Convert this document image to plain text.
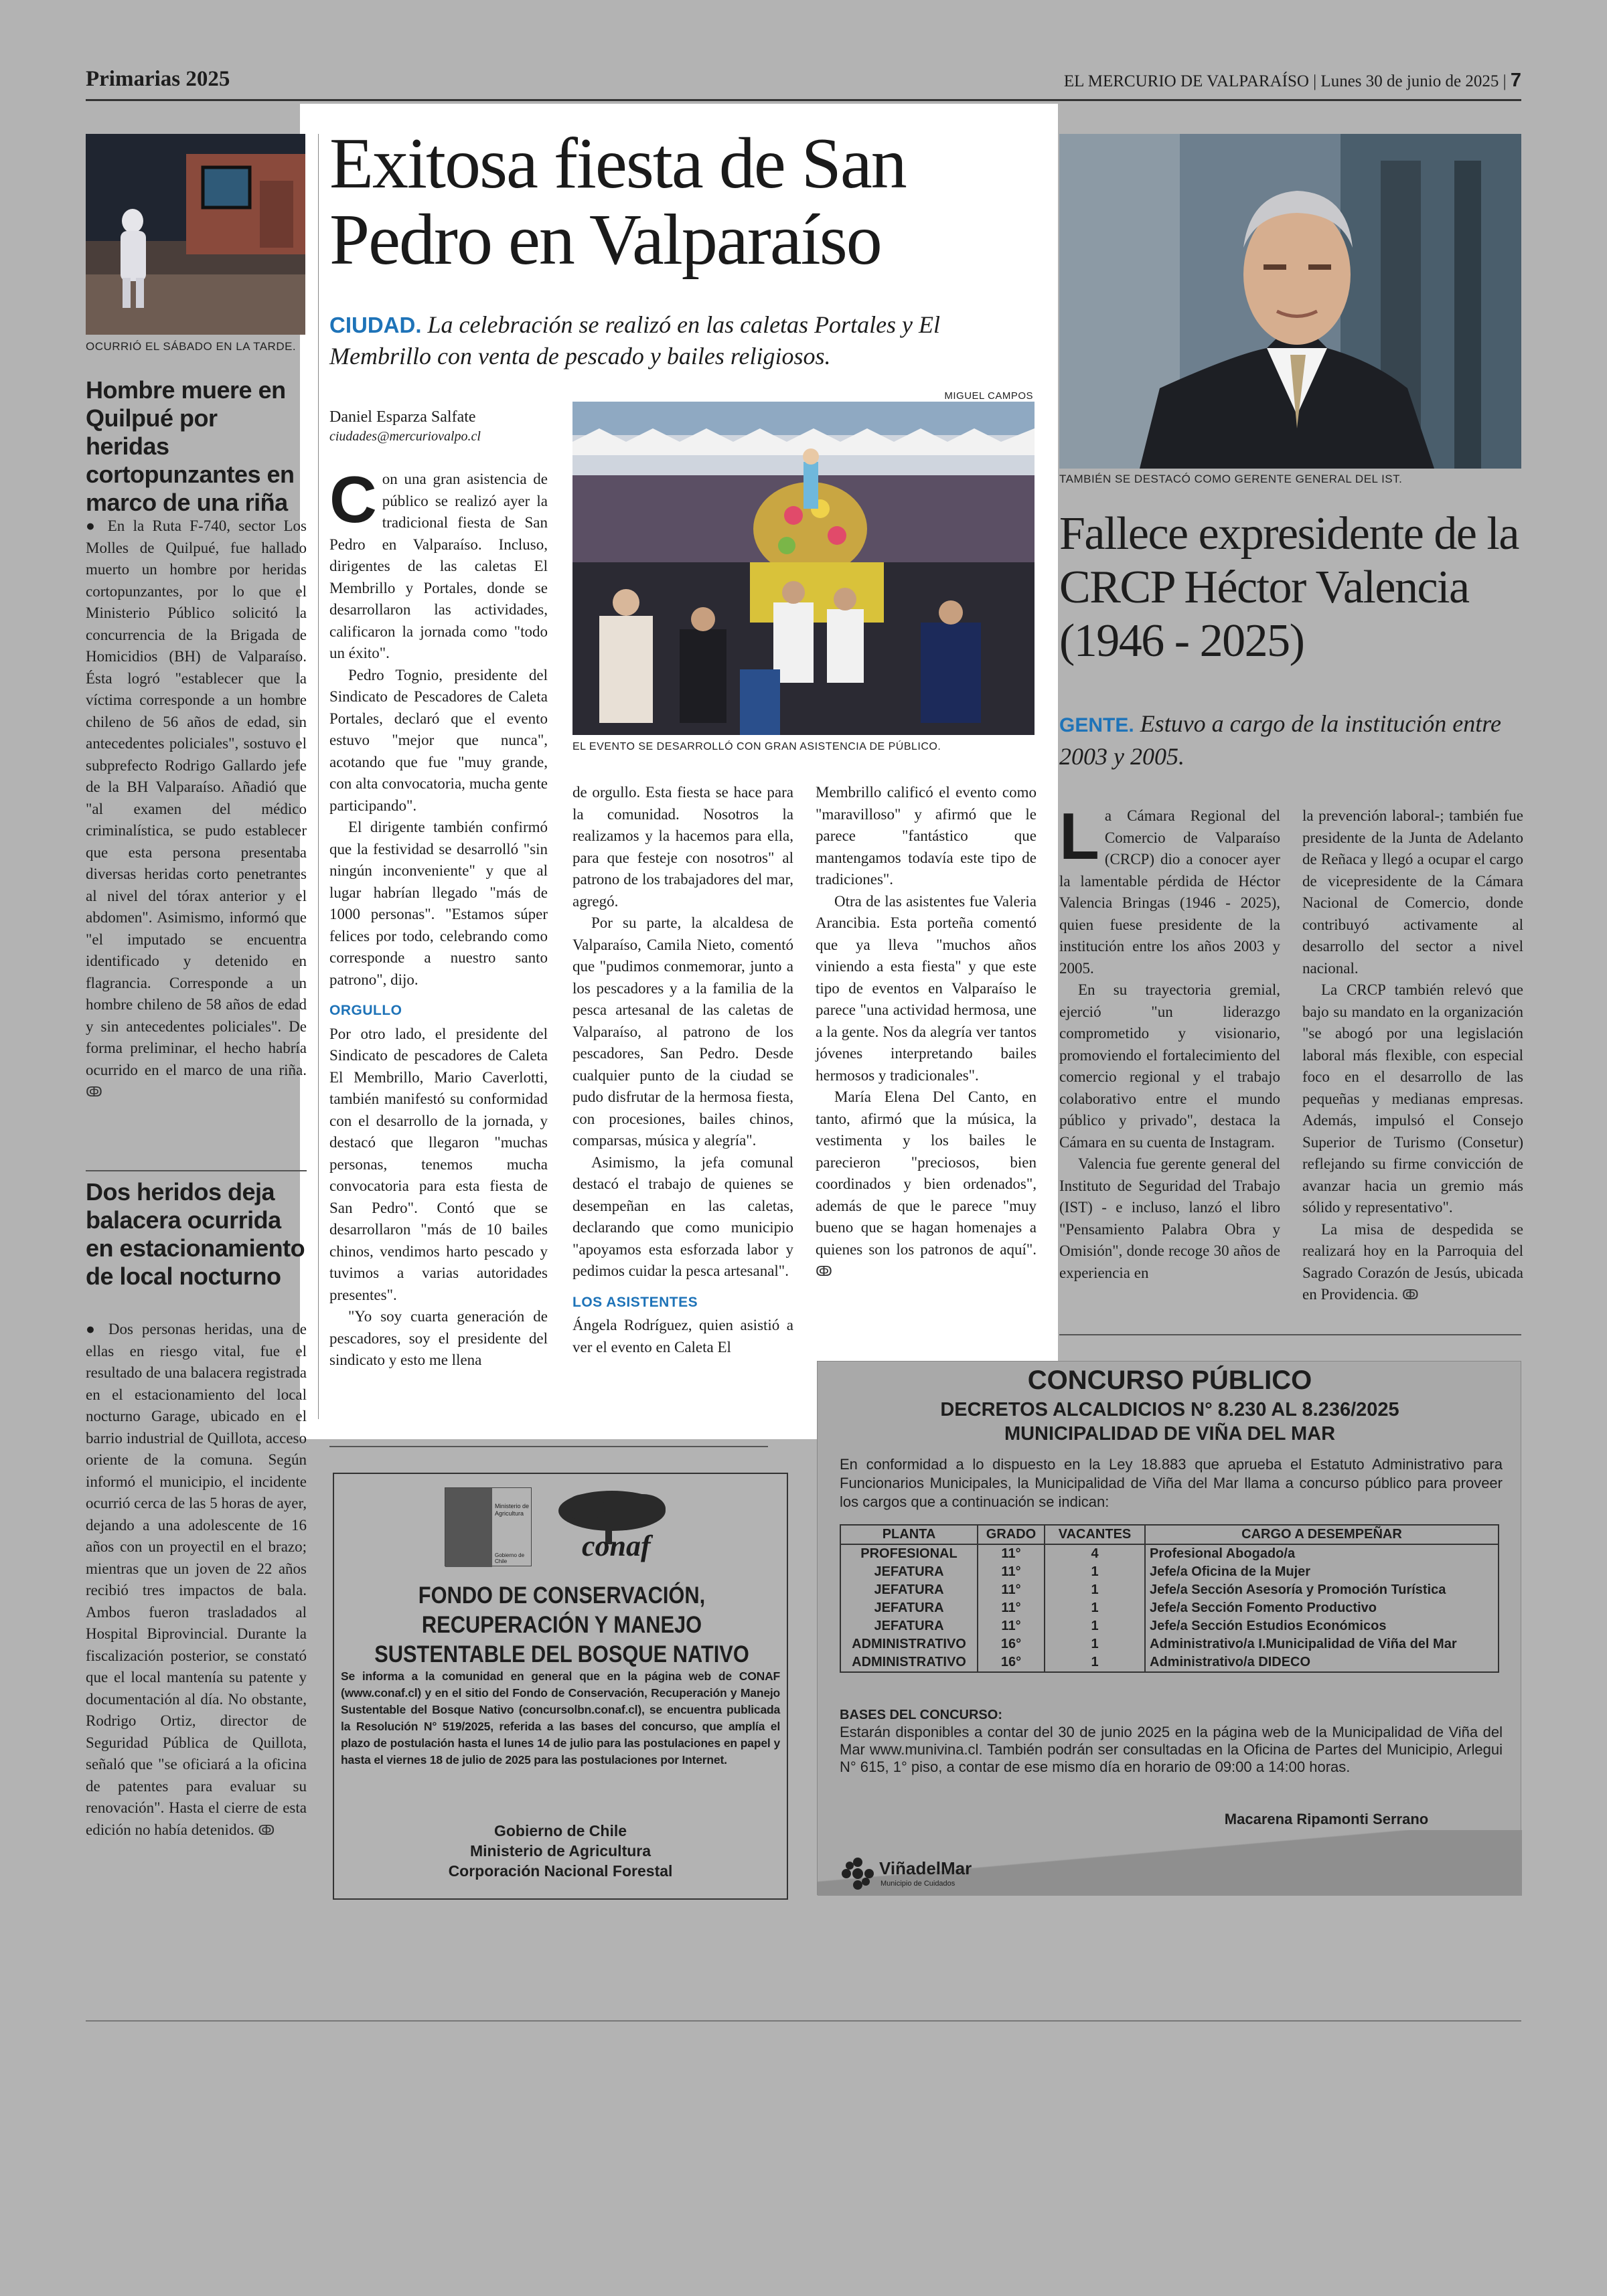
Primarias 2025	EL MERCURIO DE VALPARAÍSO | Lunes 30 de junio de 2025 | 7
OCURRIÓ EL SÁBADO EN LA TARDE.
Hombre muere en Quilpué por heridas cortopunzantes en marco de una riña

● En la Ruta F-740, sector Los Molles de Quilpué, fue hallado muerto un hombre por heridas cortopunzantes, por lo que el Ministerio Público solicitó la concurrencia de la Brigada de Homicidios (BH) de Valparaíso. Ésta logró "establecer que la víctima corresponde a un hombre chileno de 56 años de edad, sin antecedentes policiales", sostuvo el subprefecto Rodrigo Gallardo jefe de la BH Valparaíso. Añadió que "al examen del médico criminalística, se pudo establecer que esta persona presentaba diversas heridas corto penetrantes al nivel del tórax anterior y el abdomen". Asimismo, informó que "el imputado se encuentra identificado y detenido en flagrancia. Corresponde a un hombre chileno de 58 años de edad y sin antecedentes policiales". De forma preliminar, el hecho habría ocurrido en el marco de una riña. ↂ

Dos heridos deja balacera ocurrida en estacionamiento de local nocturno

● Dos personas heridas, una de ellas en riesgo vital, fue el resultado de una balacera registrada en el estacionamiento del local nocturno Garage, ubicado en el barrio industrial de Quillota, acceso oriente de la comuna. Según informó el municipio, el incidente ocurrió cerca de las 5 horas de ayer, dejando a una adolescente de 16 años con un proyectil en el brazo; mientras que un joven de 22 años recibió tres impactos de bala. Ambos fueron trasladados al Hospital Biprovincial. Durante la fiscalización posterior, se constató que el local mantenía su patente y documentación al día. No obstante, Rodrigo Ortiz, director de Seguridad Pública de Quillota, señaló que "se oficiará a la oficina de patentes para evaluar su renovación". Hasta el cierre de esta edición no había detenidos. ↂ

Exitosa fiesta de San Pedro en Valparaíso
CIUDAD. La celebración se realizó en las caletas Portales y El Membrillo con venta de pescado y bailes religiosos.
Daniel Esparza Salfate
ciudades@mercuriovalpo.cl
MIGUEL CAMPOS
EL EVENTO SE DESARROLLÓ CON GRAN ASISTENCIA DE PÚBLICO.

Con una gran asistencia de público se realizó ayer la tradicional fiesta de San Pedro en Valparaíso. Incluso, dirigentes de las caletas El Membrillo y Portales, donde se desarrollaron las actividades, calificaron la jornada como "todo un éxito".

Pedro Tognio, presidente del Sindicato de Pescadores de Caleta Portales, declaró que el evento estuvo "mejor que nunca", acotando que fue "muy grande, con alta convocatoria, mucha gente participando".

El dirigente también confirmó que la festividad se desarrolló "sin ningún inconveniente" y que al lugar habrían llegado "más de 1000 personas". "Estamos súper felices por todo, celebrando como corresponde a nuestro santo patrono", dijo.

ORGULLO

Por otro lado, el presidente del Sindicato de pescadores de Caleta El Membrillo, Mario Caverlotti, también manifestó su conformidad con el desarrollo de la jornada, y destacó que llegaron "muchas personas, tenemos mucha convocatoria para esta fiesta de San Pedro". Contó que se desarrollaron "más de 10 bailes chinos, vendimos harto pescado y tuvimos a varias autoridades presentes".

"Yo soy cuarta generación de pescadores, soy el presidente del sindicato y esto me llena

de orgullo. Esta fiesta se hace para la comunidad. Nosotros la realizamos y la hacemos para ella, para que festeje con nosotros" al patrono de los trabajadores del mar, agregó.

Por su parte, la alcaldesa de Valparaíso, Camila Nieto, comentó que "pudimos conmemorar, junto a los pescadores y a la familia de la pesca artesanal de las caletas de Valparaíso, al patrono de los pescadores, San Pedro. Desde cualquier punto de la ciudad se pudo disfrutar de la hermosa fiesta, con procesiones, bailes chinos, comparsas, música y alegría".

Asimismo, la jefa comunal destacó el trabajo de quienes se desempeñan en las caletas, declarando que como municipio "apoyamos esta esforzada labor y pedimos cuidar la pesca artesanal".

LOS ASISTENTES

Ángela Rodríguez, quien asistió a ver el evento en Caleta El

Membrillo calificó el evento como "maravilloso" y afirmó que le parece "fantástico que mantengamos todavía este tipo de tradiciones".

Otra de las asistentes fue Valeria Arancibia. Esta porteña comentó que ya lleva "muchos años viniendo a esta fiesta" y que este tipo de eventos en Valparaíso le parece "una actividad hermosa, une a la gente. Nos da alegría ver tantos jóvenes interpretando bailes hermosos y tradicionales".

María Elena Del Canto, en tanto, afirmó que la música, la vestimenta y los bailes le parecieron "preciosos, bien coordinados y bien ordenados", además de que le parece "muy bueno que se hagan homenajes a quienes son los patronos de aquí". ↂ

TAMBIÉN SE DESTACÓ COMO GERENTE GENERAL DEL IST.
Fallece expresidente de la CRCP Héctor Valencia (1946 - 2025)
GENTE. Estuvo a cargo de la institución entre 2003 y 2005.

La Cámara Regional del Comercio de Valparaíso (CRCP) dio a conocer ayer la lamentable pérdida de Héctor Valencia Bringas (1946 - 2025), quien fuese presidente de la institución entre los años 2003 y 2005.

En su trayectoria gremial, ejerció "un liderazgo comprometido y visionario, promoviendo el fortalecimiento del comercio regional y el trabajo colaborativo entre el mundo público y privado", destaca la Cámara en su cuenta de Instagram.

Valencia fue gerente general del Instituto de Seguridad del Trabajo (IST) - e incluso, lanzó el libro "Pensamiento Palabra Obra y Omisión", donde recoge 30 años de experiencia en

la prevención laboral-; también fue presidente de la Junta de Adelanto de Reñaca y llegó a ocupar el cargo de vicepresidente de la Cámara Nacional de Comercio, donde contribuyó activamente al desarrollo del sector a nivel nacional.

La CRCP también relevó que bajo su mandato en la organización "se abogó por una legislación laboral más flexible, con especial foco en el desarrollo de las pequeñas y medianas empresas. Además, impulsó el Consejo Superior de Turismo (Consetur) reflejando su firme convicción de avanzar hacia un gremio más sólido y representativo".

La misa de despedida se realizará hoy en la Parroquia del Sagrado Corazón de Jesús, ubicada en Providencia. ↂ

Ministerio de Agricultura
Gobierno de Chile	conaf
FONDO DE CONSERVACIÓN, RECUPERACIÓN Y MANEJO SUSTENTABLE DEL BOSQUE NATIVO
Se informa a la comunidad en general que en la página web de CONAF (www.conaf.cl) y en el sitio del Fondo de Conservación, Recuperación y Manejo Sustentable del Bosque Nativo (concursolbn.conaf.cl), se encuentra publicada la Resolución N° 519/2025, referida a las bases del concurso, que amplía el plazo de postulación hasta el lunes 14 de julio para las postulaciones en papel y hasta el viernes 18 de julio de 2025 para las postulaciones por Internet.
Gobierno de Chile
Ministerio de Agricultura
Corporación Nacional Forestal
CONCURSO PÚBLICO
DECRETOS ALCALDICIOS N° 8.230 AL 8.236/2025
MUNICIPALIDAD DE VIÑA DEL MAR
En conformidad a lo dispuesto en la Ley 18.883 que aprueba el Estatuto Administrativo para Funcionarios Municipales, la Municipalidad de Viña del Mar llama a concurso público para proveer los cargos que a continuación se indican:
PLANTA	GRADO	VACANTES	CARGO A DESEMPEÑAR
PROFESIONAL	11°	4	Profesional Abogado/a
JEFATURA	11°	1	Jefe/a Oficina de la Mujer
JEFATURA	11°	1	Jefe/a Sección Asesoría y Promoción Turística
JEFATURA	11°	1	Jefe/a Sección Fomento Productivo
JEFATURA	11°	1	Jefe/a Sección Estudios Económicos
ADMINISTRATIVO	16°	1	Administrativo/a I.Municipalidad de Viña del Mar
ADMINISTRATIVO	16°	1	Administrativo/a DIDECO
BASES DEL CONCURSO:
Estarán disponibles a contar del 30 de junio 2025 en la página web de la Municipalidad de Viña del Mar www.munivina.cl. También podrán ser consultadas en la Oficina de Partes del Municipio, Arlegui N° 615, 1° piso, a contar de ese mismo día en horario de 09:00 a 14:00 horas.
Macarena Ripamonti Serrano
ViñadelMar
Municipio de Cuidados
